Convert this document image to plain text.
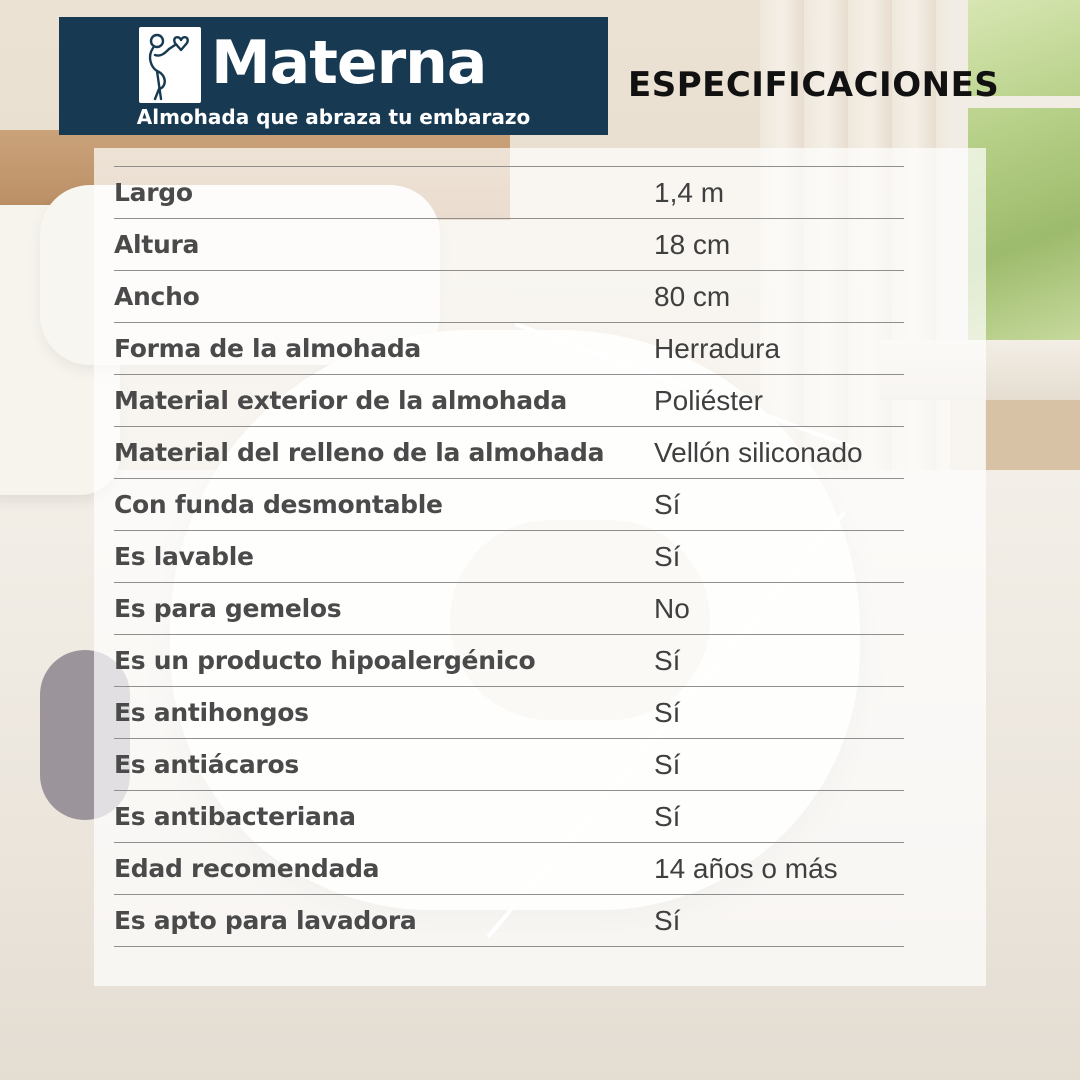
Materna
Almohada que abraza tu embarazo
ESPECIFICACIONES
Largo	1,4 m
Altura	18 cm
Ancho	80 cm
Forma de la almohada	Herradura
Material exterior de la almohada	Poliéster
Material del relleno de la almohada	Vellón siliconado
Con funda desmontable	Sí
Es lavable	Sí
Es para gemelos	No
Es un producto hipoalergénico	Sí
Es antihongos	Sí
Es antiácaros	Sí
Es antibacteriana	Sí
Edad recomendada	14 años o más
Es apto para lavadora	Sí
